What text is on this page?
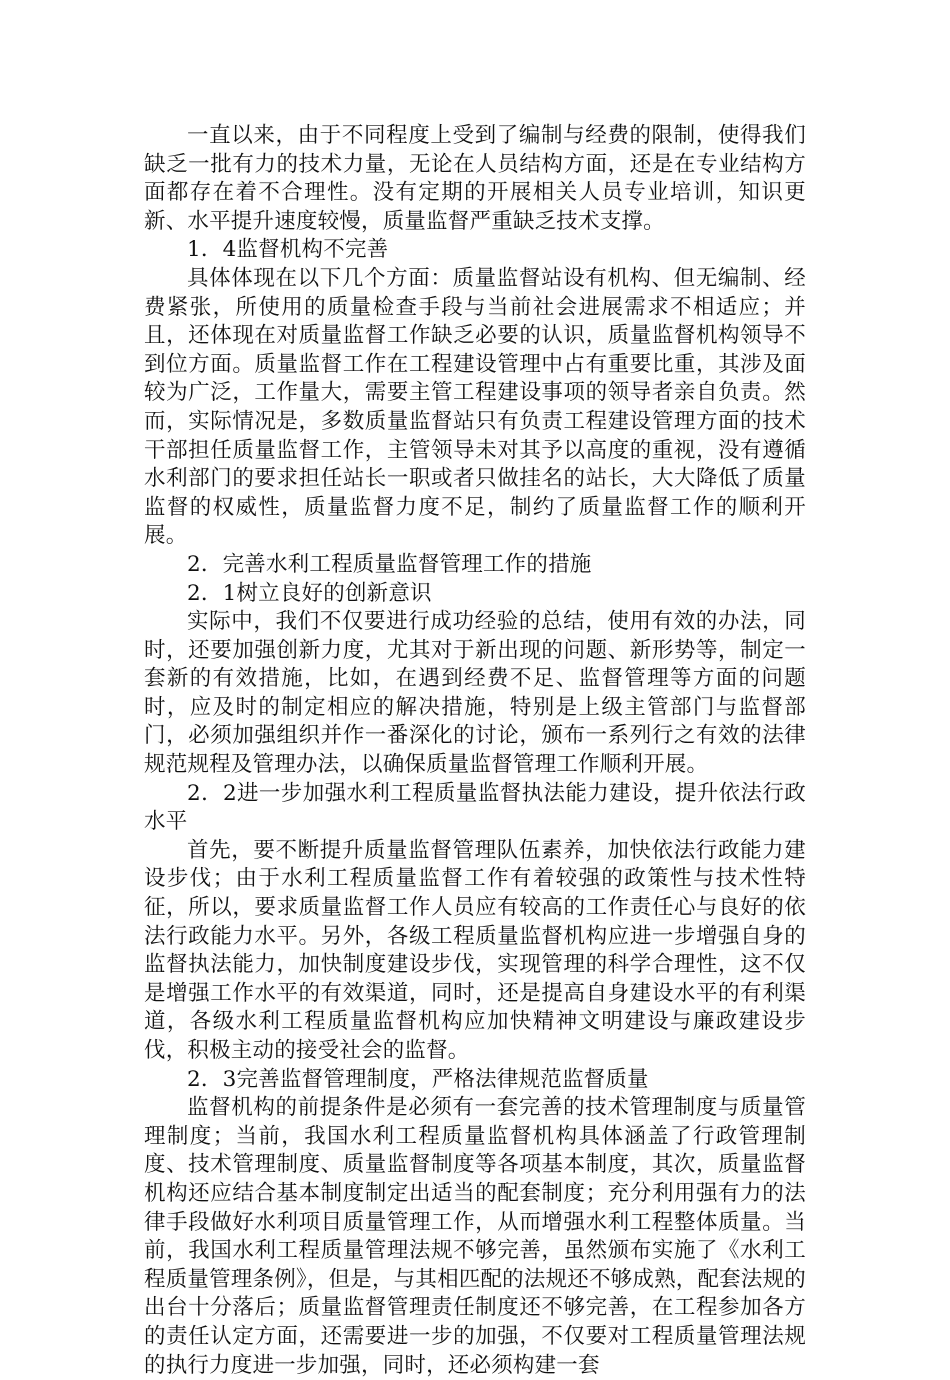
一直以来，由于不同程度上受到了编制与经费的限制，使得我们缺乏一批有力的技术力量，无论在人员结构方面，还是在专业结构方面都存在着不合理性。没有定期的开展相关人员专业培训，知识更新、水平提升速度较慢，质量监督严重缺乏技术支撑。

1．4监督机构不完善

具体体现在以下几个方面：质量监督站设有机构、但无编制、经费紧张，所使用的质量检查手段与当前社会进展需求不相适应；并且，还体现在对质量监督工作缺乏必要的认识，质量监督机构领导不到位方面。质量监督工作在工程建设管理中占有重要比重，其涉及面较为广泛，工作量大，需要主管工程建设事项的领导者亲自负责。然而，实际情况是，多数质量监督站只有负责工程建设管理方面的技术干部担任质量监督工作，主管领导未对其予以高度的重视，没有遵循水利部门的要求担任站长一职或者只做挂名的站长，大大降低了质量监督的权威性，质量监督力度不足，制约了质量监督工作的顺利开展。

2．完善水利工程质量监督管理工作的措施

2．1树立良好的创新意识

实际中，我们不仅要进行成功经验的总结，使用有效的办法，同时，还要加强创新力度，尤其对于新出现的问题、新形势等，制定一套新的有效措施，比如，在遇到经费不足、监督管理等方面的问题时，应及时的制定相应的解决措施，特别是上级主管部门与监督部门，必须加强组织并作一番深化的讨论，颁布一系列行之有效的法律规范规程及管理办法，以确保质量监督管理工作顺利开展。

2．2进一步加强水利工程质量监督执法能力建设，提升依法行政水平

首先，要不断提升质量监督管理队伍素养，加快依法行政能力建设步伐；由于水利工程质量监督工作有着较强的政策性与技术性特征，所以，要求质量监督工作人员应有较高的工作责任心与良好的依法行政能力水平。另外，各级工程质量监督机构应进一步增强自身的监督执法能力，加快制度建设步伐，实现管理的科学合理性，这不仅是增强工作水平的有效渠道，同时，还是提高自身建设水平的有利渠道，各级水利工程质量监督机构应加快精神文明建设与廉政建设步伐，积极主动的接受社会的监督。

2．3完善监督管理制度，严格法律规范监督质量

监督机构的前提条件是必须有一套完善的技术管理制度与质量管理制度；当前，我国水利工程质量监督机构具体涵盖了行政管理制度、技术管理制度、质量监督制度等各项基本制度，其次，质量监督机构还应结合基本制度制定出适当的配套制度；充分利用强有力的法律手段做好水利项目质量管理工作，从而增强水利工程整体质量。当前，我国水利工程质量管理法规不够完善，虽然颁布实施了《水利工程质量管理条例》，但是，与其相匹配的法规还不够成熟，配套法规的出台十分落后；质量监督管理责任制度还不够完善，在工程参加各方的责任认定方面，还需要进一步的加强，不仅要对工程质量管理法规的执行力度进一步加强，同时，还必须构建一套
